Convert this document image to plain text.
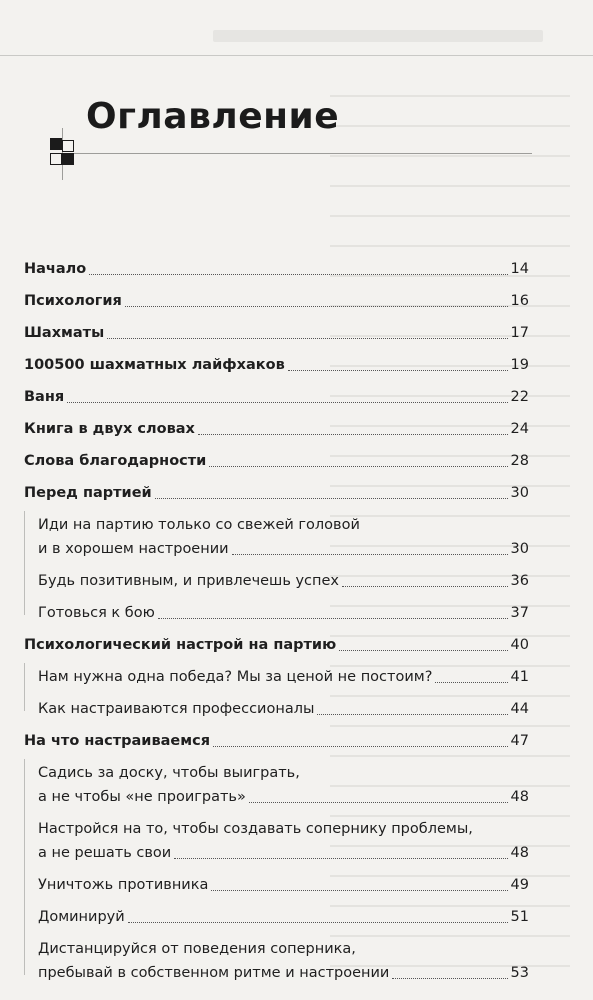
Оглавление
Начало	14
Психология	16
Шахматы	17
100500 шахматных лайфхаков	19
Ваня	22
Книга в двух словах	24
Слова благодарности	28
Перед партией	30
Иди на партию только со свежей головой
и в хорошем настроении	30
Будь позитивным, и привлечешь успех	36
Готовься к бою	37
Психологический настрой на партию	40
Нам нужна одна победа? Мы за ценой не постоим?	41
Как настраиваются профессионалы	44
На что настраиваемся	47
Садись за доску, чтобы выиграть,
а не чтобы «не проиграть»	48
Настройся на то, чтобы создавать сопернику проблемы,
а не решать свои	48
Уничтожь противника	49
Доминируй	51
Дистанцируйся от поведения соперника,
пребывай в собственном ритме и настроении	53
